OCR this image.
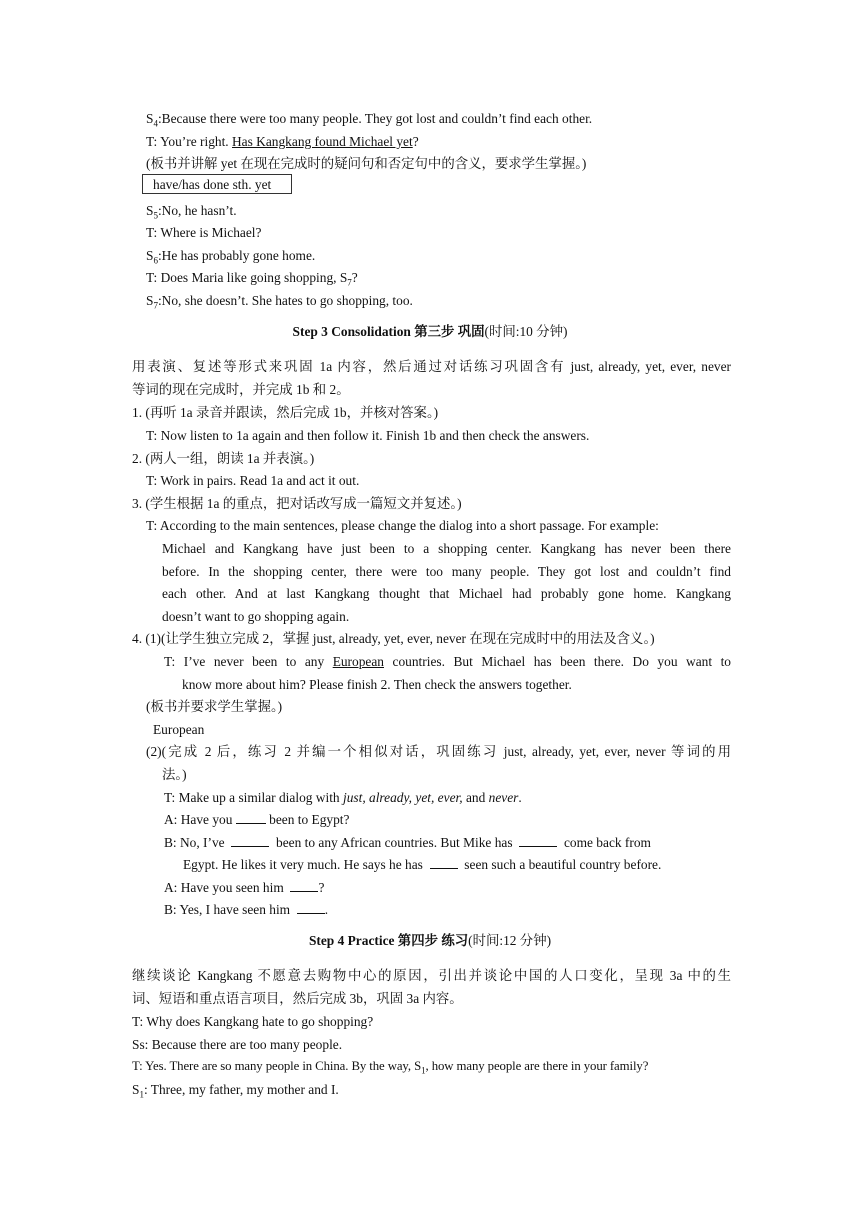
$S_4:Because$ there were too many people. They got lost and couldn’t find each other.
T: You’re right. Has Kangkang found Michael yet?
(板书并讲解 yet 在现在完成时的疑问句和否定句中的含义，要求学生掌握。)
have/has done sth. yet
$S_5:No$, he hasn’t.
T: Where is Michael?
$S_6:He$ has probably gone home.
T: Does Maria like going shopping, $S_7$?
$S_7:No$, she doesn’t. She hates to go shopping, too.
Step 3 Consolidation 第三步 巩固(时间:10 分钟)
用表演、复述等形式来巩固 1a 内容，然后通过对话练习巩固含有 just, already, yet, ever, never
等词的现在完成时，并完成 1b 和 2。
1. (再听 1a 录音并跟读，然后完成 1b，并核对答案。)
T: Now listen to 1a again and then follow it. Finish 1b and then check the answers.
2. (两人一组，朗读 1a 并表演。)
T: Work in pairs. Read 1a and act it out.
3. (学生根据 1a 的重点，把对话改写成一篇短文并复述。)
T: According to the main sentences, please change the dialog into a short passage. For example:
Michael and Kangkang have just been to a shopping center. Kangkang has never been there
before. In the shopping center, there were too many people. They got lost and couldn’t find
each other. And at last Kangkang thought that Michael had probably gone home. Kangkang
doesn’t want to go shopping again.
4. (1)(让学生独立完成 2，掌握 just, already, yet, ever, never 在现在完成时中的用法及含义。)
T: I’ve never been to any European countries. But Michael has been there. Do you want to
know more about him? Please finish 2. Then check the answers together.
(板书并要求学生掌握。)
European
(2)(完成 2 后，练习 2 并编一个相似对话，巩固练习 just, already, yet, ever, never 等词的用
法。)
T: Make up a similar dialog with just, already, yet, ever, and never.
A: Have you  been to Egypt?
B: No, I’ve	been to any African countries. But Mike has	come back from
Egypt. He likes it very much. He says he has	seen such a beautiful country before.
A: Have you seen him  ?
B: Yes, I have seen him  .
Step 4 Practice 第四步 练习(时间:12 分钟)
继续谈论 Kangkang 不愿意去购物中心的原因，引出并谈论中国的人口变化，呈现 3a 中的生
词、短语和重点语言项目，然后完成 3b，巩固 3a 内容。
T: Why does Kangkang hate to go shopping?
Ss: Because there are too many people.
T: Yes. There are so many people in China. By the way, $S_1$, how many people are there in your family?
$S_1$: Three, my father, my mother and I.
